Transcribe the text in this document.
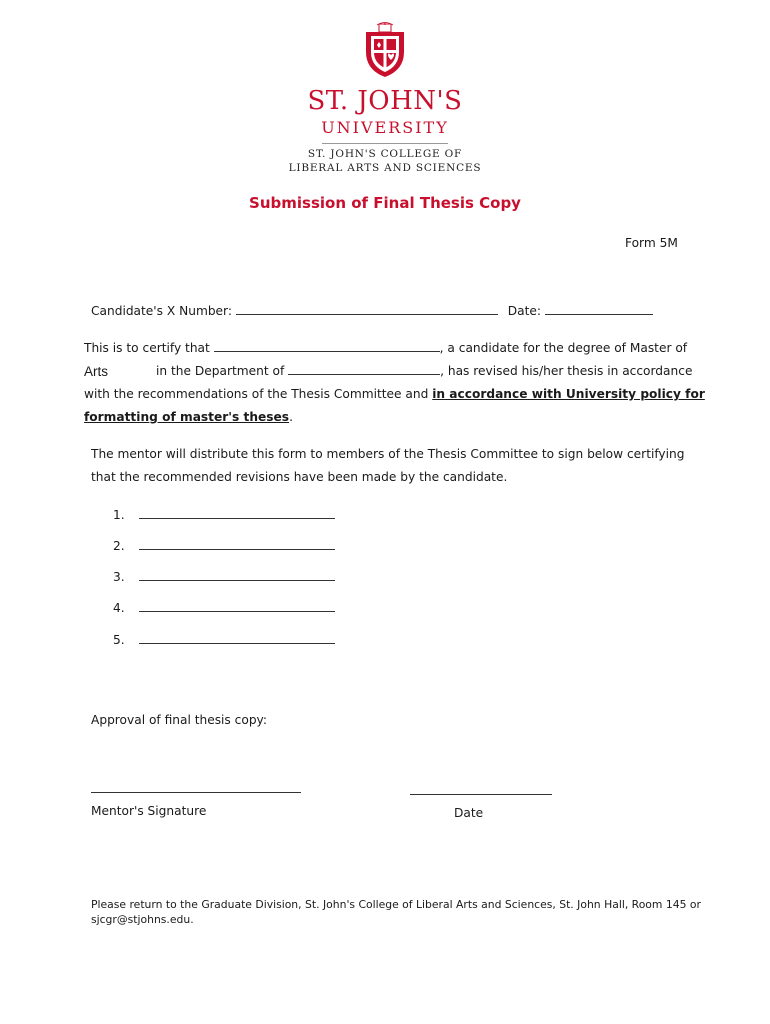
ST. JOHN'S
UNIVERSITY
ST. JOHN'S COLLEGE OF
LIBERAL ARTS AND SCIENCES
Submission of Final Thesis Copy
Form 5M
Candidate's X Number:	Date:
This is to certify that	, a candidate for the degree of Master of
Arts	in the Department of	, has revised his/her thesis in accordance
with the recommendations of the Thesis Committee and in accordance with University policy for
formatting of master's theses.
The mentor will distribute this form to members of the Thesis Committee to sign below certifying
that the recommended revisions have been made by the candidate.
1.
2.
3.
4.
5.
Approval of final thesis copy:
Mentor's Signature	Date
Please return to the Graduate Division, St. John's College of Liberal Arts and Sciences, St. John Hall, Room 145 or
sjcgr@stjohns.edu.
